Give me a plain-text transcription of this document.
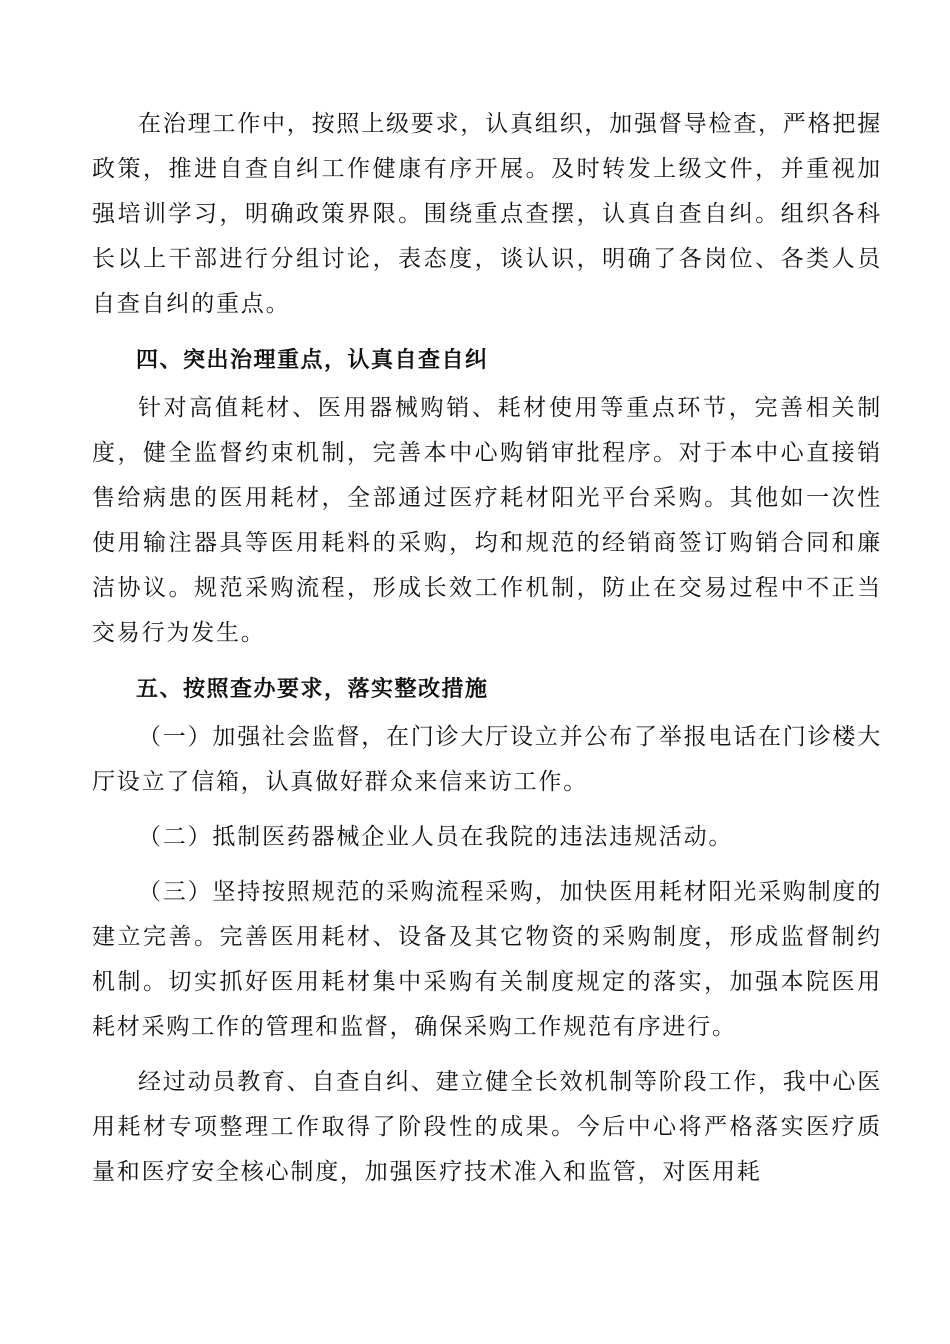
在治理工作中，按照上级要求，认真组织，加强督导检查，严格把握政策，推进自查自纠工作健康有序开展。及时转发上级文件，并重视加强培训学习，明确政策界限。围绕重点查摆，认真自查自纠。组织各科长以上干部进行分组讨论，表态度，谈认识，明确了各岗位、各类人员自查自纠的重点。

四、突出治理重点，认真自查自纠

针对高值耗材、医用器械购销、耗材使用等重点环节，完善相关制度，健全监督约束机制，完善本中心购销审批程序。对于本中心直接销售给病患的医用耗材，全部通过医疗耗材阳光平台采购。其他如一次性使用输注器具等医用耗料的采购，均和规范的经销商签订购销合同和廉洁协议。规范采购流程，形成长效工作机制，防止在交易过程中不正当交易行为发生。

五、按照查办要求，落实整改措施

（一）加强社会监督，在门诊大厅设立并公布了举报电话在门诊楼大厅设立了信箱，认真做好群众来信来访工作。

（二）抵制医药器械企业人员在我院的违法违规活动。

（三）坚持按照规范的采购流程采购，加快医用耗材阳光采购制度的建立完善。完善医用耗材、设备及其它物资的采购制度，形成监督制约机制。切实抓好医用耗材集中采购有关制度规定的落实，加强本院医用耗材采购工作的管理和监督，确保采购工作规范有序进行。

经过动员教育、自查自纠、建立健全长效机制等阶段工作，我中心医用耗材专项整理工作取得了阶段性的成果。今后中心将严格落实医疗质量和医疗安全核心制度，加强医疗技术准入和监管，对医用耗
